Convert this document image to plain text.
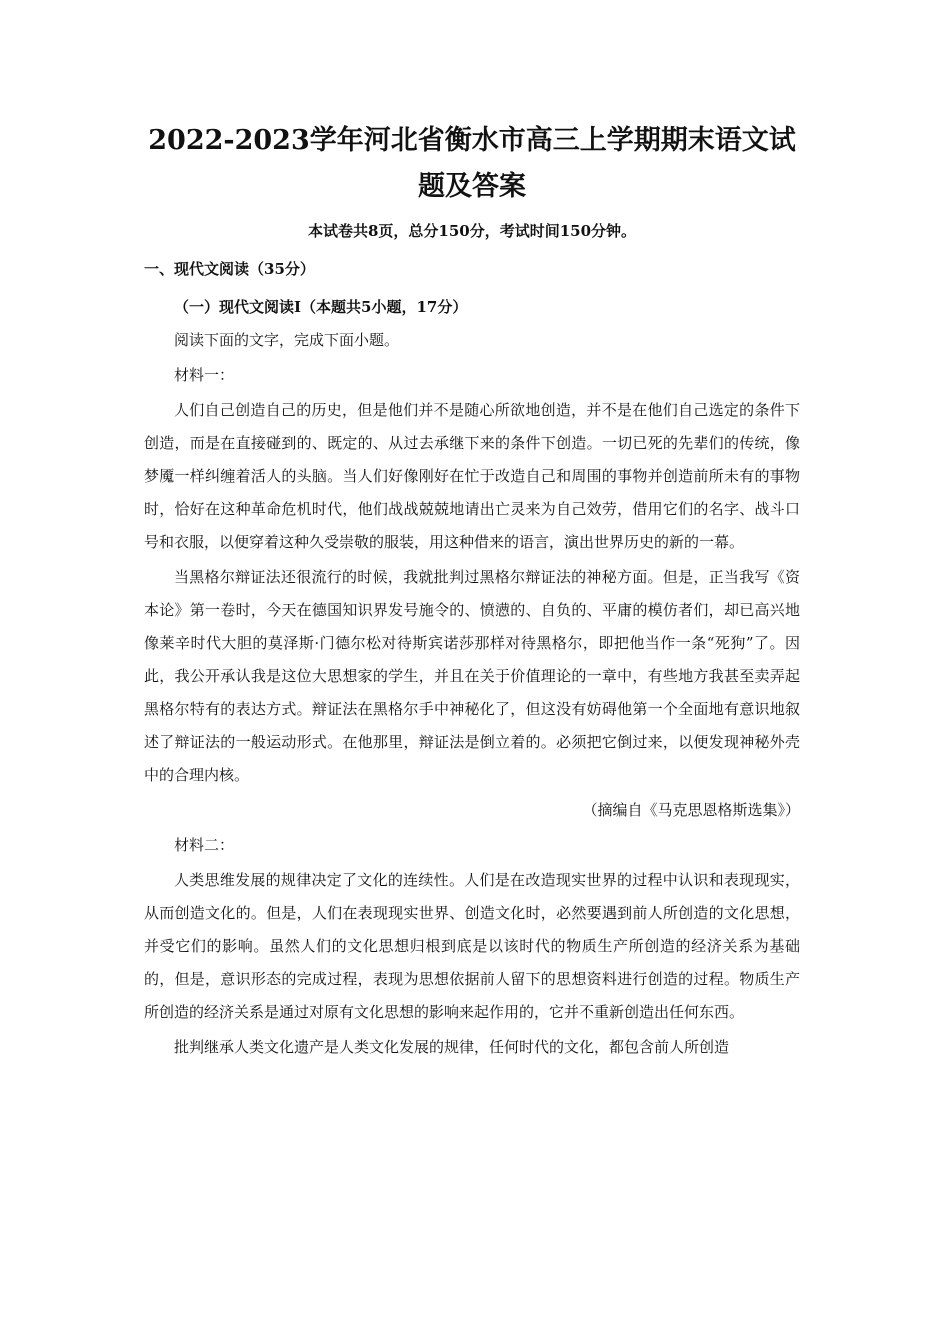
2022-2023学年河北省衡水市高三上学期期末语文试题及答案
本试卷共8页，总分150分，考试时间150分钟。
一、现代文阅读（35分）
（一）现代文阅读Ⅰ（本题共5小题，17分）

阅读下面的文字，完成下面小题。

材料一：

人们自己创造自己的历史，但是他们并不是随心所欲地创造，并不是在他们自己选定的条件下创造，而是在直接碰到的、既定的、从过去承继下来的条件下创造。一切已死的先辈们的传统，像梦魇一样纠缠着活人的头脑。当人们好像刚好在忙于改造自己和周围的事物并创造前所未有的事物时，恰好在这种革命危机时代，他们战战兢兢地请出亡灵来为自己效劳，借用它们的名字、战斗口号和衣服，以便穿着这种久受崇敬的服装，用这种借来的语言，演出世界历史的新的一幕。

当黑格尔辩证法还很流行的时候，我就批判过黑格尔辩证法的神秘方面。但是，正当我写《资本论》第一卷时，今天在德国知识界发号施令的、愤懑的、自负的、平庸的模仿者们，却已高兴地像莱辛时代大胆的莫泽斯·门德尔松对待斯宾诺莎那样对待黑格尔，即把他当作一条“死狗”了。因此，我公开承认我是这位大思想家的学生，并且在关于价值理论的一章中，有些地方我甚至卖弄起黑格尔特有的表达方式。辩证法在黑格尔手中神秘化了，但这没有妨碍他第一个全面地有意识地叙述了辩证法的一般运动形式。在他那里，辩证法是倒立着的。必须把它倒过来，以便发现神秘外壳中的合理内核。

（摘编自《马克思恩格斯选集》）

材料二：

人类思维发展的规律决定了文化的连续性。人们是在改造现实世界的过程中认识和表现现实，从而创造文化的。但是，人们在表现现实世界、创造文化时，必然要遇到前人所创造的文化思想，并受它们的影响。虽然人们的文化思想归根到底是以该时代的物质生产所创造的经济关系为基础的，但是，意识形态的完成过程，表现为思想依据前人留下的思想资料进行创造的过程。物质生产所创造的经济关系是通过对原有文化思想的影响来起作用的，它并不重新创造出任何东西。

批判继承人类文化遗产是人类文化发展的规律，任何时代的文化，都包含前人所创造
